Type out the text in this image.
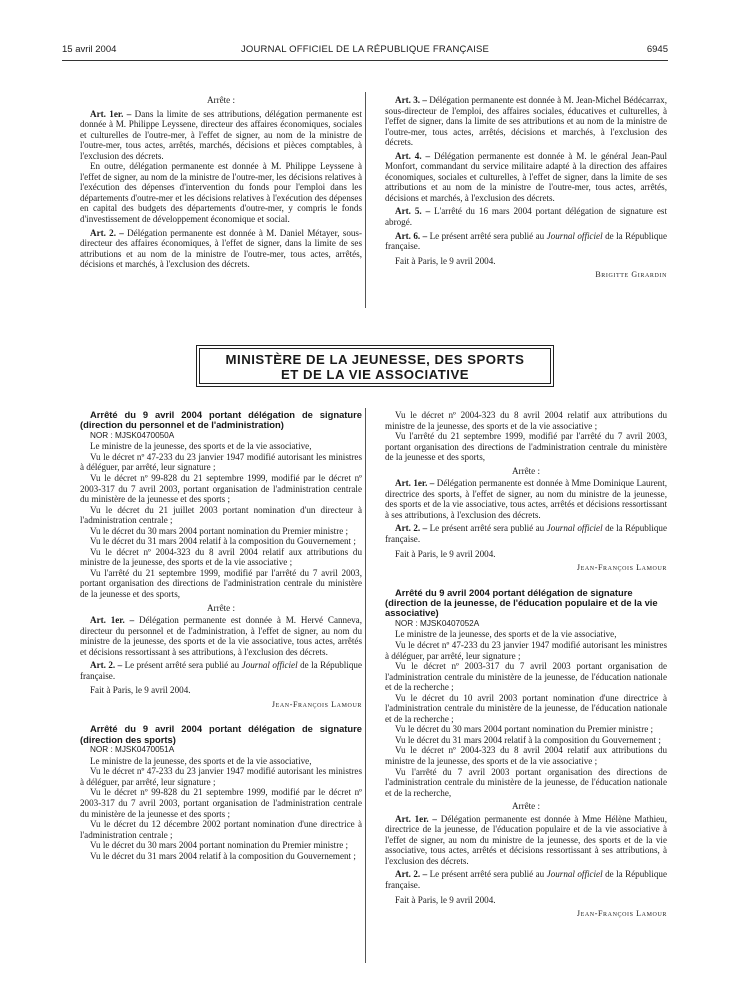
15 avril 2004	JOURNAL OFFICIEL DE LA RÉPUBLIQUE FRANÇAISE	6945

Arrête :

Art. 1er. – Dans la limite de ses attributions, délégation permanente est donnée à M. Philippe Leyssene, directeur des affaires économiques, sociales et culturelles de l'outre-mer, à l'effet de signer, au nom de la ministre de l'outre-mer, tous actes, arrêtés, marchés, décisions et pièces comptables, à l'exclusion des décrets.

En outre, délégation permanente est donnée à M. Philippe Leyssene à l'effet de signer, au nom de la ministre de l'outre-mer, les décisions relatives à l'exécution des dépenses d'intervention du fonds pour l'emploi dans les départements d'outre-mer et les décisions relatives à l'exécution des dépenses en capital des budgets des départements d'outre-mer, y compris le fonds d'investissement de développement économique et social.

Art. 2. – Délégation permanente est donnée à M. Daniel Métayer, sous-directeur des affaires économiques, à l'effet de signer, dans la limite de ses attributions et au nom de la ministre de l'outre-mer, tous actes, arrêtés, décisions et marchés, à l'exclusion des décrets.

Art. 3. – Délégation permanente est donnée à M. Jean-Michel Bédécarrax, sous-directeur de l'emploi, des affaires sociales, éducatives et culturelles, à l'effet de signer, dans la limite de ses attributions et au nom de la ministre de l'outre-mer, tous actes, arrêtés, décisions et marchés, à l'exclusion des décrets.

Art. 4. – Délégation permanente est donnée à M. le général Jean-Paul Monfort, commandant du service militaire adapté à la direction des affaires économiques, sociales et culturelles, à l'effet de signer, dans la limite de ses attributions et au nom de la ministre de l'outre-mer, tous actes, arrêtés, décisions et marchés, à l'exclusion des décrets.

Art. 5. – L'arrêté du 16 mars 2004 portant délégation de signature est abrogé.

Art. 6. – Le présent arrêté sera publié au Journal officiel de la République française.

Fait à Paris, le 9 avril 2004.

Brigitte Girardin

MINISTÈRE DE LA JEUNESSE, DES SPORTS
ET DE LA VIE ASSOCIATIVE

Arrêté du 9 avril 2004 portant délégation de signature (direction du personnel et de l'administration)

NOR : MJSK0470050A

Le ministre de la jeunesse, des sports et de la vie associative,

Vu le décret nº 47-233 du 23 janvier 1947 modifié autorisant les ministres à déléguer, par arrêté, leur signature ;

Vu le décret nº 99-828 du 21 septembre 1999, modifié par le décret nº 2003-317 du 7 avril 2003, portant organisation de l'administration centrale du ministère de la jeunesse et des sports ;

Vu le décret du 21 juillet 2003 portant nomination d'un directeur à l'administration centrale ;

Vu le décret du 30 mars 2004 portant nomination du Premier ministre ;

Vu le décret du 31 mars 2004 relatif à la composition du Gouvernement ;

Vu le décret nº 2004-323 du 8 avril 2004 relatif aux attributions du ministre de la jeunesse, des sports et de la vie associative ;

Vu l'arrêté du 21 septembre 1999, modifié par l'arrêté du 7 avril 2003, portant organisation des directions de l'administration centrale du ministère de la jeunesse et des sports,

Arrête :

Art. 1er. – Délégation permanente est donnée à M. Hervé Canneva, directeur du personnel et de l'administration, à l'effet de signer, au nom du ministre de la jeunesse, des sports et de la vie associative, tous actes, arrêtés et décisions ressortissant à ses attributions, à l'exclusion des décrets.

Art. 2. – Le présent arrêté sera publié au Journal officiel de la République française.

Fait à Paris, le 9 avril 2004.

Jean-François Lamour

Arrêté du 9 avril 2004 portant délégation de signature (direction des sports)

NOR : MJSK0470051A

Le ministre de la jeunesse, des sports et de la vie associative,

Vu le décret nº 47-233 du 23 janvier 1947 modifié autorisant les ministres à déléguer, par arrêté, leur signature ;

Vu le décret nº 99-828 du 21 septembre 1999, modifié par le décret nº 2003-317 du 7 avril 2003, portant organisation de l'administration centrale du ministère de la jeunesse et des sports ;

Vu le décret du 12 décembre 2002 portant nomination d'une directrice à l'administration centrale ;

Vu le décret du 30 mars 2004 portant nomination du Premier ministre ;

Vu le décret du 31 mars 2004 relatif à la composition du Gouvernement ;

Vu le décret nº 2004-323 du 8 avril 2004 relatif aux attributions du ministre de la jeunesse, des sports et de la vie associative ;

Vu l'arrêté du 21 septembre 1999, modifié par l'arrêté du 7 avril 2003, portant organisation des directions de l'administration centrale du ministère de la jeunesse et des sports,

Arrête :

Art. 1er. – Délégation permanente est donnée à Mme Dominique Laurent, directrice des sports, à l'effet de signer, au nom du ministre de la jeunesse, des sports et de la vie associative, tous actes, arrêtés et décisions ressortissant à ses attributions, à l'exclusion des décrets.

Art. 2. – Le présent arrêté sera publié au Journal officiel de la République française.

Fait à Paris, le 9 avril 2004.

Jean-François Lamour

Arrêté du 9 avril 2004 portant délégation de signature (direction de la jeunesse, de l'éducation populaire et de la vie associative)

NOR : MJSK0407052A

Le ministre de la jeunesse, des sports et de la vie associative,

Vu le décret nº 47-233 du 23 janvier 1947 modifié autorisant les ministres à déléguer, par arrêté, leur signature ;

Vu le décret nº 2003-317 du 7 avril 2003 portant organisation de l'administration centrale du ministère de la jeunesse, de l'éducation nationale et de la recherche ;

Vu le décret du 10 avril 2003 portant nomination d'une directrice à l'administration centrale du ministère de la jeunesse, de l'éducation nationale et de la recherche ;

Vu le décret du 30 mars 2004 portant nomination du Premier ministre ;

Vu le décret du 31 mars 2004 relatif à la composition du Gouvernement ;

Vu le décret nº 2004-323 du 8 avril 2004 relatif aux attributions du ministre de la jeunesse, des sports et de la vie associative ;

Vu l'arrêté du 7 avril 2003 portant organisation des directions de l'administration centrale du ministère de la jeunesse, de l'éducation nationale et de la recherche,

Arrête :

Art. 1er. – Délégation permanente est donnée à Mme Hélène Mathieu, directrice de la jeunesse, de l'éducation populaire et de la vie associative à l'effet de signer, au nom du ministre de la jeunesse, des sports et de la vie associative, tous actes, arrêtés et décisions ressortissant à ses attributions, à l'exclusion des décrets.

Art. 2. – Le présent arrêté sera publié au Journal officiel de la République française.

Fait à Paris, le 9 avril 2004.

Jean-François Lamour
